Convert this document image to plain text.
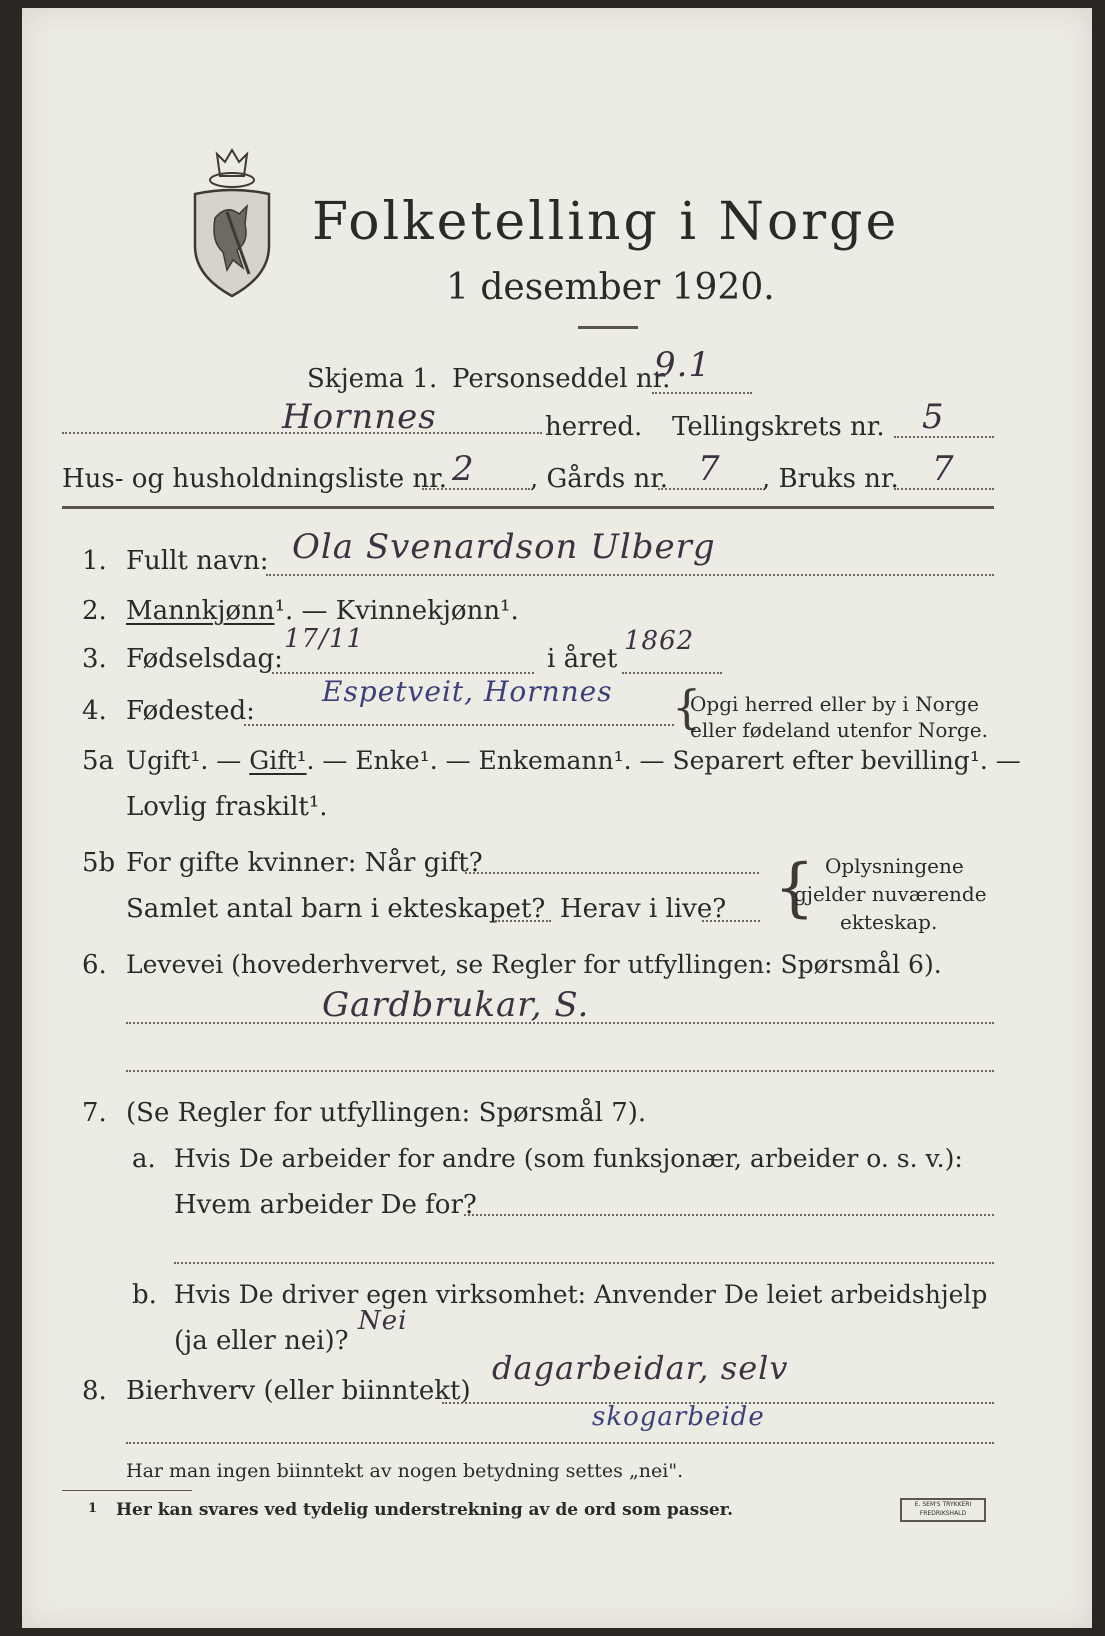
Folketelling i Norge
1 desember 1920.
Skjema 1. Personseddel nr.
9.1
Hornnes	herred. Tellingskrets nr. 5
Hus- og husholdningsliste nr. 2 , Gårds nr. 7 , Bruks nr. 7
1. Fullt navn: Ola Svenardson Ulberg
2. Mannkjønn¹. — Kvinnekjønn¹.
3. Fødselsdag:
17/11
i året
1862
4. Fødested:
Espetveit, Hornnes {
Opgi herred eller by i Norge
eller fødeland utenfor Norge.
5a Ugift¹. — Gift¹. — Enke¹. — Enkemann¹. — Separert efter bevilling¹. —
Lovlig fraskilt¹.
5b For gifte kvinner: Når gift?
Samlet antal barn i ekteskapet? Herav i live? { Oplysningene
gjelder nuværende
ekteskap.
6. Levevei (hovederhvervet, se Regler for utfyllingen: Spørsmål 6).
Gardbrukar, S.
7. (Se Regler for utfyllingen: Spørsmål 7).
a. Hvis De arbeider for andre (som funksjonær, arbeider o. s. v.):
Hvem arbeider De for?
b. Hvis De driver egen virksomhet: Anvender De leiet arbeidshjelp
(ja eller nei)?
Nei
8. Bierhverv (eller biinntekt)
dagarbeidar, selv
skogarbeide
Har man ingen biinntekt av nogen betydning settes „nei".
1 Her kan svares ved tydelig understrekning av de ord som passer.	E. SEM'S TRYKKERI FREDRIKSHALD
